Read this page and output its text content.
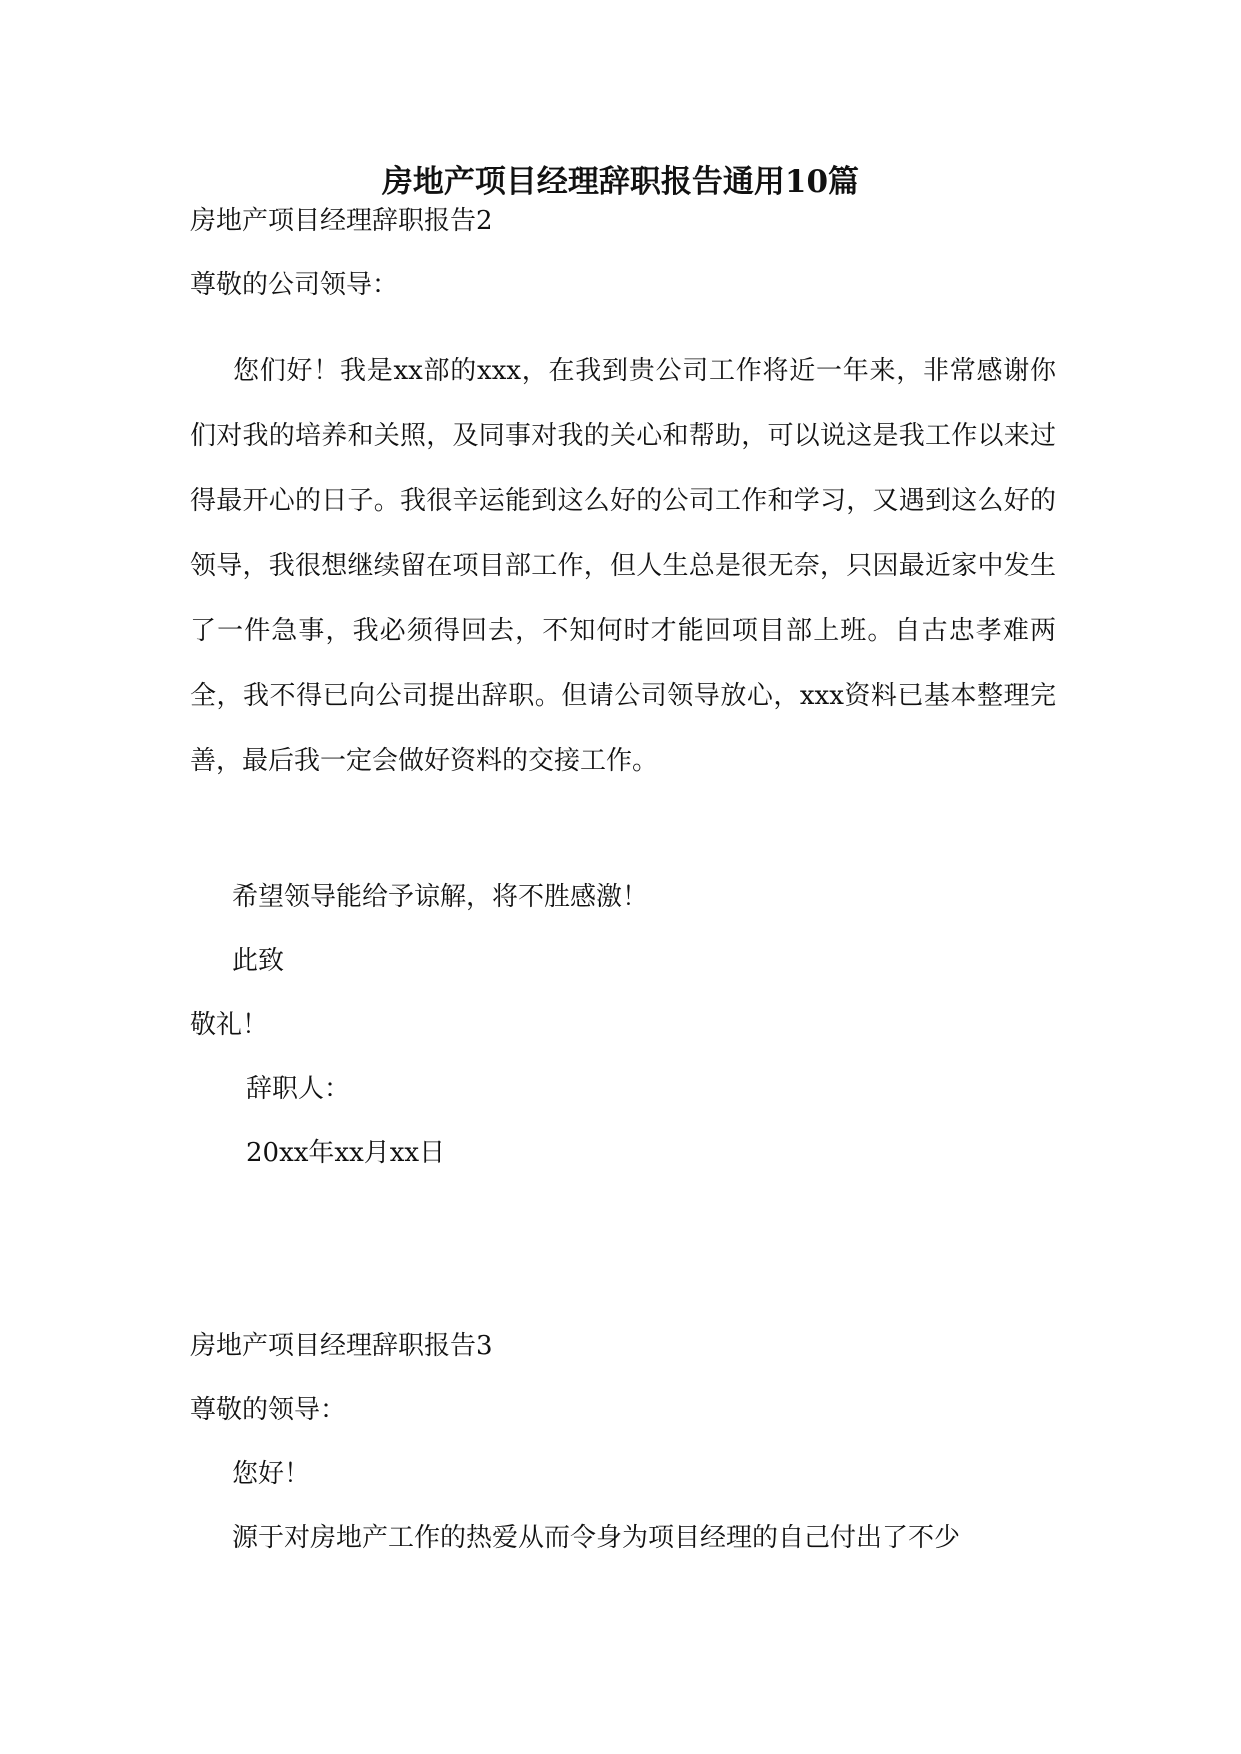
房地产项目经理辞职报告通用10篇

房地产项目经理辞职报告2

尊敬的公司领导：

您们好！我是xx部的xxx，在我到贵公司工作将近一年来，非常感谢你们对我的培养和关照，及同事对我的关心和帮助，可以说这是我工作以来过得最开心的日子。我很辛运能到这么好的公司工作和学习，又遇到这么好的领导，我很想继续留在项目部工作，但人生总是很无奈，只因最近家中发生了一件急事，我必须得回去，不知何时才能回项目部上班。自古忠孝难两全，我不得已向公司提出辞职。但请公司领导放心，xxx资料已基本整理完善，最后我一定会做好资料的交接工作。

希望领导能给予谅解，将不胜感激！

此致

敬礼！

辞职人：

20xx年xx月xx日

房地产项目经理辞职报告3

尊敬的领导：

您好！

源于对房地产工作的热爱从而令身为项目经理的自己付出了不少
